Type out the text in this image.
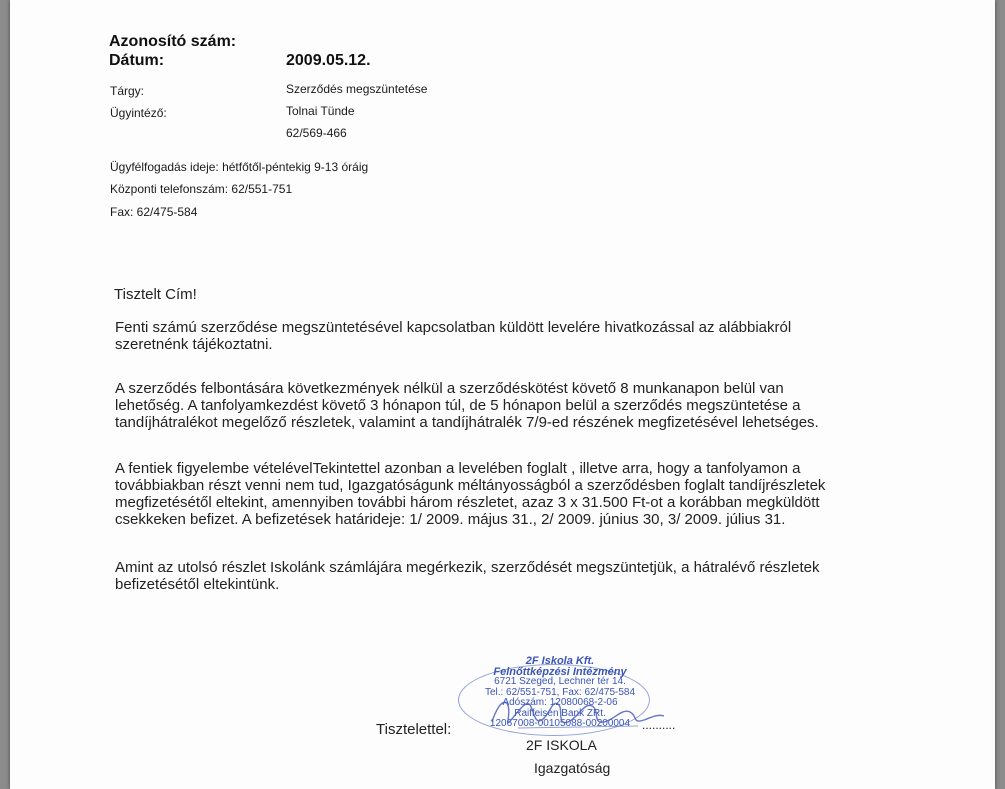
Azonosító szám:
Dátum:	2009.05.12.
Tárgy:	Szerződés megszüntetése
Ügyintéző:	Tolnai Tünde
62/569-466
Ügyfélfogadás ideje: hétfőtől-péntekig 9-13 óráig
Központi telefonszám: 62/551-751
Fax: 62/475-584
Tisztelt Cím!
Fenti számú szerződése megszüntetésével kapcsolatban küldött levelére hivatkozással az alábbiakról
szeretnénk tájékoztatni.
A szerződés felbontására következmények nélkül a szerződéskötést követő 8 munkanapon belül van
lehetőség. A tanfolyamkezdést követő 3 hónapon túl, de 5 hónapon belül a szerződés megszüntetése a
tandíjhátralékot megelőző részletek, valamint a tandíjhátralék 7/9-ed részének megfizetésével lehetséges.
A fentiek figyelembe vételévelTekintettel azonban a levelében foglalt , illetve arra, hogy a tanfolyamon a
továbbiakban részt venni nem tud, Igazgatóságunk méltányosságból a szerződésben foglalt tandíjrészletek
megfizetésétől eltekint, amennyiben további három részletet, azaz 3 x 31.500 Ft-ot a korábban megküldött
csekkeken befizet. A befizetések határideje: 1/ 2009. május 31., 2/ 2009. június 30, 3/ 2009. július 31.
Amint az utolsó részlet Iskolánk számlájára megérkezik, szerződését megszüntetjük, a hátralévő részletek
befizetésétől eltekintünk.
2F Iskola Kft.
Felnőttképzési Intézmény
6721 Szeged, Lechner tér 14.
Tel.: 62/551-751, Fax: 62/475-584
Adószám: 12080068-2-06
Raiffeisen Bank ZRt.
12067008-00105088-00200004
Tisztelettel:	..........
2F ISKOLA
Igazgatóság
